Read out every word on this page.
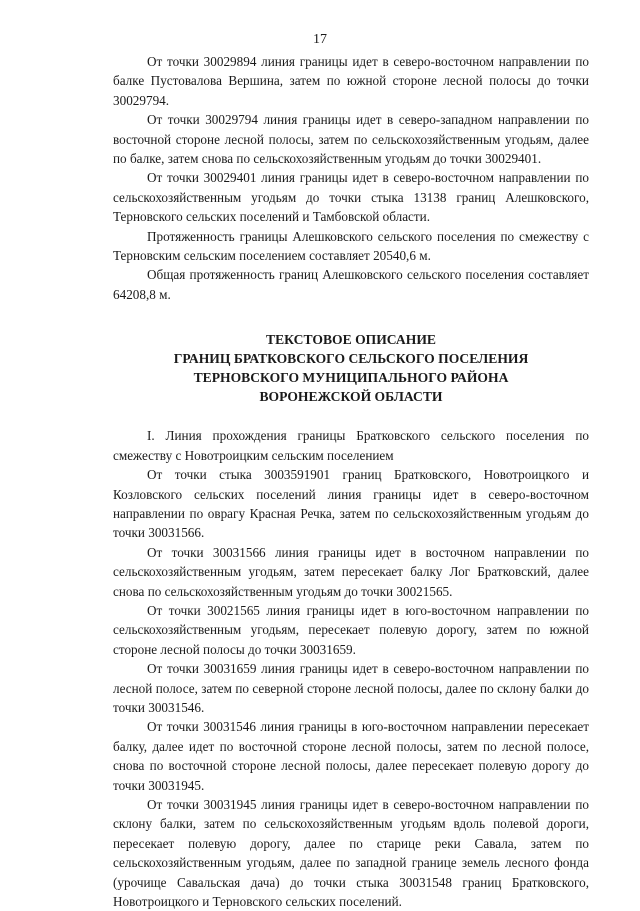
17

От точки 30029894 линия границы идет в северо-восточном направлении по балке Пустовалова Вершина, затем по южной стороне лесной полосы до точки 30029794.

От точки 30029794 линия границы идет в северо-западном направлении по восточной стороне лесной полосы, затем по сельскохозяйственным угодьям, далее по балке, затем снова по сельскохозяйственным угодьям до точки 30029401.

От точки 30029401 линия границы идет в северо-восточном направлении по сельскохозяйственным угодьям до точки стыка 13138 границ Алешковского, Терновского сельских поселений и Тамбовской области.

Протяженность границы Алешковского сельского поселения по смежеству с Терновским сельским поселением составляет 20540,6 м.

Общая протяженность границ Алешковского сельского поселения составляет 64208,8 м.

ТЕКСТОВОЕ ОПИСАНИЕ
ГРАНИЦ БРАТКОВСКОГО СЕЛЬСКОГО ПОСЕЛЕНИЯ
ТЕРНОВСКОГО МУНИЦИПАЛЬНОГО РАЙОНА
ВОРОНЕЖСКОЙ ОБЛАСТИ

I. Линия прохождения границы Братковского сельского поселения по смежеству с Новотроицким сельским поселением

От точки стыка 3003591901 границ Братковского, Новотроицкого и Козловского сельских поселений линия границы идет в северо-восточном направлении по оврагу Красная Речка, затем по сельскохозяйственным угодьям до точки 30031566.

От точки 30031566 линия границы идет в восточном направлении по сельскохозяйственным угодьям, затем пересекает балку Лог Братковский, далее снова по сельскохозяйственным угодьям до точки 30021565.

От точки 30021565 линия границы идет в юго-восточном направлении по сельскохозяйственным угодьям, пересекает полевую дорогу, затем по южной стороне лесной полосы до точки 30031659.

От точки 30031659 линия границы идет в северо-восточном направлении по лесной полосе, затем по северной стороне лесной полосы, далее по склону балки до точки 30031546.

От точки 30031546 линия границы в юго-восточном направлении пересекает балку, далее идет по восточной стороне лесной полосы, затем по лесной полосе, снова по восточной стороне лесной полосы, далее пересекает полевую дорогу до точки 30031945.

От точки 30031945 линия границы идет в северо-восточном направлении по склону балки, затем по сельскохозяйственным угодьям вдоль полевой дороги, пересекает полевую дорогу, далее по старице реки Савала, затем по сельскохозяйственным угодьям, далее по западной границе земель лесного фонда (урочище Савальская дача) до точки стыка 30031548 границ Братковского, Новотроицкого и Терновского сельских поселений.
